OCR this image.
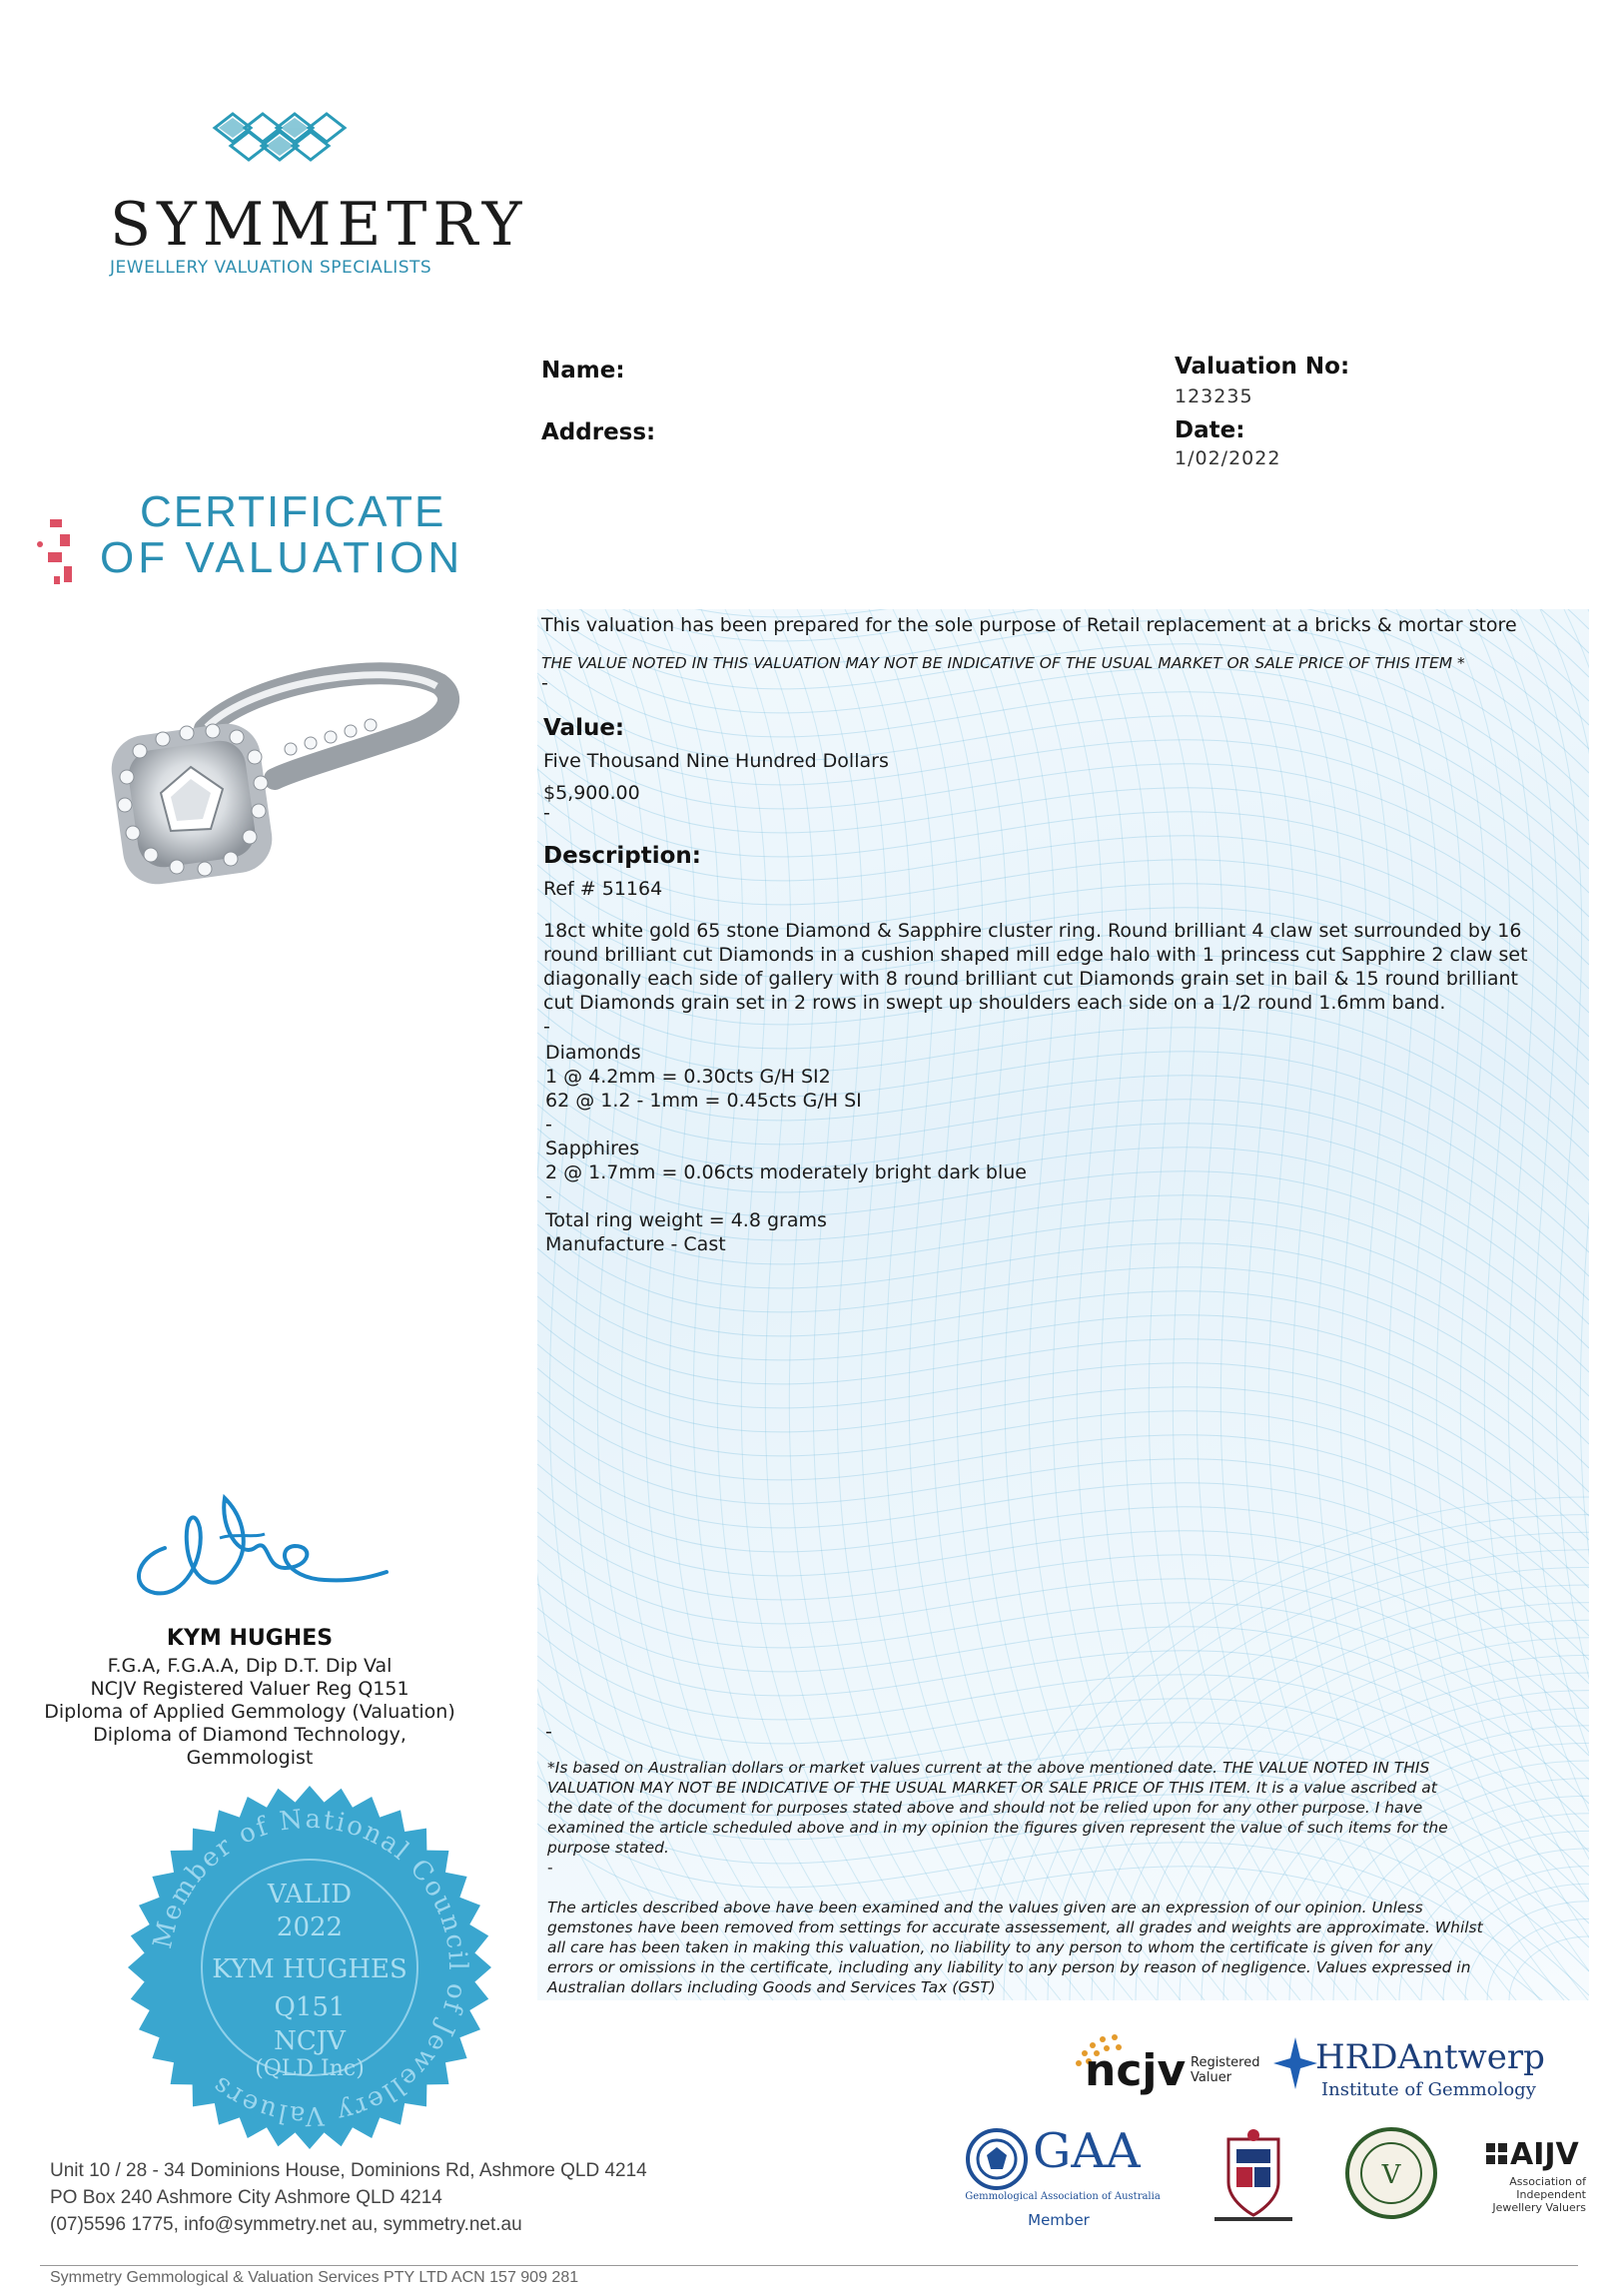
SYMMETRY
JEWELLERY VALUATION SPECIALISTS
Name:
Address:
Valuation No:
123235
Date:
1/02/2022
CERTIFICATE
OF VALUATION
This valuation has been prepared for the sole purpose of Retail replacement at a bricks & mortar store
THE VALUE NOTED IN THIS VALUATION MAY NOT BE INDICATIVE OF THE USUAL MARKET OR SALE PRICE OF THIS ITEM *
-
Value:
Five Thousand Nine Hundred Dollars
$5,900.00
-
Description:
Ref # 51164
18ct white gold 65 stone Diamond & Sapphire cluster ring. Round brilliant 4 claw set surrounded by 16
round brilliant cut Diamonds in a cushion shaped mill edge halo with 1 princess cut Sapphire 2 claw set
diagonally each side of gallery with 8 round brilliant cut Diamonds grain set in bail & 15 round brilliant
cut Diamonds grain set in 2 rows in swept up shoulders each side on a 1/2 round 1.6mm band.
-
Diamonds
1 @ 4.2mm = 0.30cts G/H SI2
62 @ 1.2 - 1mm = 0.45cts G/H SI
-
Sapphires
2 @ 1.7mm = 0.06cts moderately bright dark blue
-
Total ring weight = 4.8 grams
Manufacture - Cast
-
*Is based on Australian dollars or market values current at the above mentioned date. THE VALUE NOTED IN THIS
VALUATION MAY NOT BE INDICATIVE OF THE USUAL MARKET OR SALE PRICE OF THIS ITEM. It is a value ascribed at
the date of the document for purposes stated above and should not be relied upon for any other purpose. I have
examined the article scheduled above and in my opinion the figures given represent the value of such items for the
purpose stated.
-
The articles described above have been examined and the values given are an expression of our opinion. Unless
gemstones have been removed from settings for accurate assessement, all grades and weights are approximate. Whilst
all care has been taken in making this valuation, no liability to any person to whom the certificate is given for any
errors or omissions in the certificate, including any liability to any person by reason of negligence. Values expressed in
Australian dollars including Goods and Services Tax (GST)
KYM HUGHES
F.G.A, F.G.A.A, Dip D.T. Dip Val
NCJV Registered Valuer Reg Q151
Diploma of Applied Gemmology (Valuation)
Diploma of Diamond Technology,
Gemmologist
Member of National Council of Jewellery Valuers
VALID
2022
KYM HUGHES
Q151
NCJV
(QLD Inc)	ncjv Registered
Valuer
HRDAntwerp
Institute of Gemmology
GAA
Gemmological Association of Australia
Member
V
AIJV
Association of
Independent
Jewellery Valuers
Unit 10 / 28 - 34 Dominions House, Dominions Rd, Ashmore QLD 4214
PO Box 240 Ashmore City Ashmore QLD 4214
(07)5596 1775, info@symmetry.net au, symmetry.net.au
Symmetry Gemmological & Valuation Services PTY LTD ACN 157 909 281
